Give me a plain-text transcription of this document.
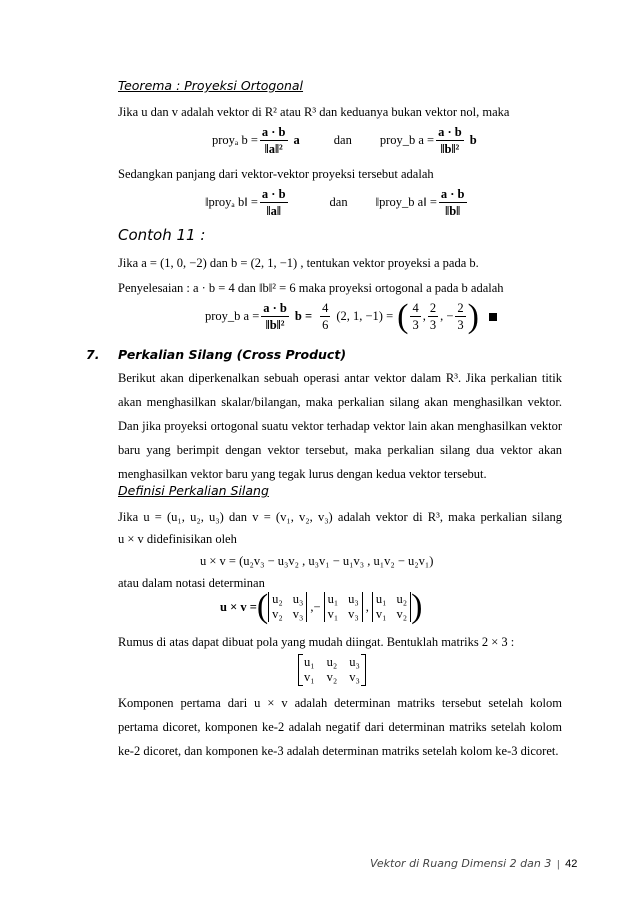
Teorema : Proyeksi Ortogonal
Jika u dan v adalah vektor di R² atau R³ dan keduanya bukan vektor nol, maka
proyₐ $b = \frac{a \cdot b}{\text{‖a‖²}}$ a	dan proy_b $a = \frac{a \cdot b}{\text{‖b‖²}}$ b
Sedangkan panjang dari vektor-vektor proyeksi tersebut adalah
‖proyₐ b‖ = $\frac{a \cdot b}{‖a‖}$	dan ‖proy_b a‖ = $\frac{a \cdot b}{‖b‖}$
Contoh 11 :
Jika a = (1, 0, −2) dan b = (2, 1, −1) , tentukan vektor proyeksi a pada b.
Penyelesaian : a · b = 4 dan ‖b‖² = 6 maka proyeksi ortogonal a pada b adalah
proy_b $a = \frac{a \cdot b}{\text{‖b‖²}}$ $b = \frac{4}{6} (2$, 1, −1) = ( $\frac{4}{3}$ , $\frac{2}{3}$ , − $\frac{2}{3}$ )
7. Perkalian Silang (Cross Product)
Berikut akan diperkenalkan sebuah operasi antar vektor dalam R³. Jika perkalian titik akan menghasilkan skalar/bilangan, maka perkalian silang akan menghasilkan vektor. Dan jika proyeksi ortogonal suatu vektor terhadap vektor lain akan menghasilkan vektor baru yang berimpit dengan vektor tersebut, maka perkalian silang dua vektor akan menghasilkan vektor baru yang tegak lurus dengan kedua vektor tersebut.
Definisi Perkalian Silang
Jika u = (u₁, u₂, u₃) dan v = (v₁, v₂, v₃) adalah vektor di R³, maka perkalian silang
u × v didefinisikan oleh
u × v = (u₂v₃ − u₃v₂ , u₃v₁ − u₁v₃ , u₁v₂ − u₂v₁)
atau dalam notasi determinan
u × v = ( u₂ u₃
v₂ v₃
,−
u₁ u₃
v₁ v₃
,
u₁ u₂
v₁ v₂ )
Rumus di atas dapat dibuat pola yang mudah diingat. Bentuklah matriks 2 × 3 :
u₁ u₂ u₃
v₁ v₂ v₃
Komponen pertama dari u × v adalah determinan matriks tersebut setelah kolom pertama dicoret, komponen ke-2 adalah negatif dari determinan matriks setelah kolom ke-2 dicoret, dan komponen ke-3 adalah determinan matriks setelah kolom ke-3 dicoret.
Vektor di Ruang Dimensi 2 dan 3 | 42
